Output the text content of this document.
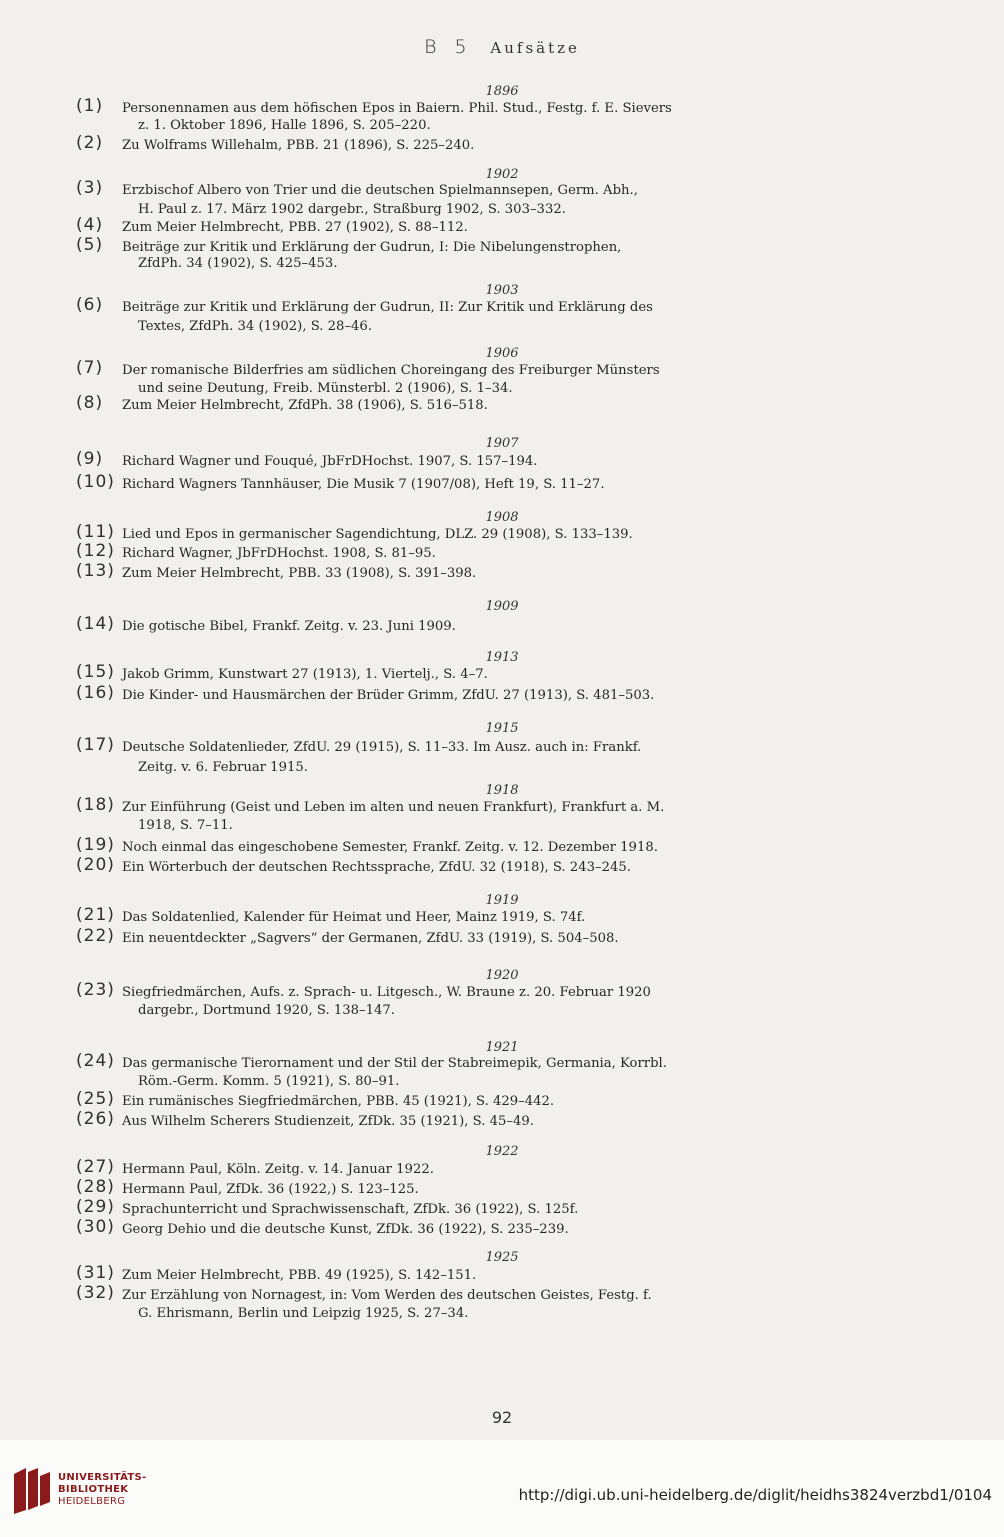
B 5 Aufsätze
1896
(1)	Personennamen aus dem höfischen Epos in Baiern. Phil. Stud., Festg. f. E. Sievers
z. 1. Oktober 1896, Halle 1896, S. 205–220.
(2)	Zu Wolframs Willehalm, PBB. 21 (1896), S. 225–240.
1902
(3)	Erzbischof Albero von Trier und die deutschen Spielmannsepen, Germ. Abh.,
H. Paul z. 17. März 1902 dargebr., Straßburg 1902, S. 303–332.
(4)	Zum Meier Helmbrecht, PBB. 27 (1902), S. 88–112.
(5)	Beiträge zur Kritik und Erklärung der Gudrun, I: Die Nibelungenstrophen,
ZfdPh. 34 (1902), S. 425–453.
1903
(6)	Beiträge zur Kritik und Erklärung der Gudrun, II: Zur Kritik und Erklärung des
Textes, ZfdPh. 34 (1902), S. 28–46.
1906
(7)	Der romanische Bilderfries am südlichen Choreingang des Freiburger Münsters
und seine Deutung, Freib. Münsterbl. 2 (1906), S. 1–34.
(8)	Zum Meier Helmbrecht, ZfdPh. 38 (1906), S. 516–518.
1907
(9)	Richard Wagner und Fouqué, JbFrDHochst. 1907, S. 157–194.
(10) Richard Wagners Tannhäuser, Die Musik 7 (1907/08), Heft 19, S. 11–27.
1908
(11) Lied und Epos in germanischer Sagendichtung, DLZ. 29 (1908), S. 133–139.
(12) Richard Wagner, JbFrDHochst. 1908, S. 81–95.
(13) Zum Meier Helmbrecht, PBB. 33 (1908), S. 391–398.
1909
(14) Die gotische Bibel, Frankf. Zeitg. v. 23. Juni 1909.
1913
(15) Jakob Grimm, Kunstwart 27 (1913), 1. Viertelj., S. 4–7.
(16) Die Kinder- und Hausmärchen der Brüder Grimm, ZfdU. 27 (1913), S. 481–503.
1915
(17) Deutsche Soldatenlieder, ZfdU. 29 (1915), S. 11–33. Im Ausz. auch in: Frankf.
Zeitg. v. 6. Februar 1915.
1918
(18) Zur Einführung (Geist und Leben im alten und neuen Frankfurt), Frankfurt a. M.
1918, S. 7–11.
(19) Noch einmal das eingeschobene Semester, Frankf. Zeitg. v. 12. Dezember 1918.
(20) Ein Wörterbuch der deutschen Rechtssprache, ZfdU. 32 (1918), S. 243–245.
1919
(21) Das Soldatenlied, Kalender für Heimat und Heer, Mainz 1919, S. 74f.
(22) Ein neuentdeckter „Sagvers“ der Germanen, ZfdU. 33 (1919), S. 504–508.
1920
(23) Siegfriedmärchen, Aufs. z. Sprach- u. Litgesch., W. Braune z. 20. Februar 1920
dargebr., Dortmund 1920, S. 138–147.
1921
(24) Das germanische Tierornament und der Stil der Stabreimepik, Germania, Korrbl.
Röm.-Germ. Komm. 5 (1921), S. 80–91.
(25) Ein rumänisches Siegfriedmärchen, PBB. 45 (1921), S. 429–442.
(26) Aus Wilhelm Scherers Studienzeit, ZfDk. 35 (1921), S. 45–49.
1922
(27) Hermann Paul, Köln. Zeitg. v. 14. Januar 1922.
(28) Hermann Paul, ZfDk. 36 (1922,) S. 123–125.
(29) Sprachunterricht und Sprachwissenschaft, ZfDk. 36 (1922), S. 125f.
(30) Georg Dehio und die deutsche Kunst, ZfDk. 36 (1922), S. 235–239.
1925
(31) Zum Meier Helmbrecht, PBB. 49 (1925), S. 142–151.
(32) Zur Erzählung von Nornagest, in: Vom Werden des deutschen Geistes, Festg. f.
G. Ehrismann, Berlin und Leipzig 1925, S. 27–34.
92
UNIVERSITÄTS-
BIBLIOTHEK
HEIDELBERG	http://digi.ub.uni-heidelberg.de/diglit/heidhs3824verzbd1/0104
